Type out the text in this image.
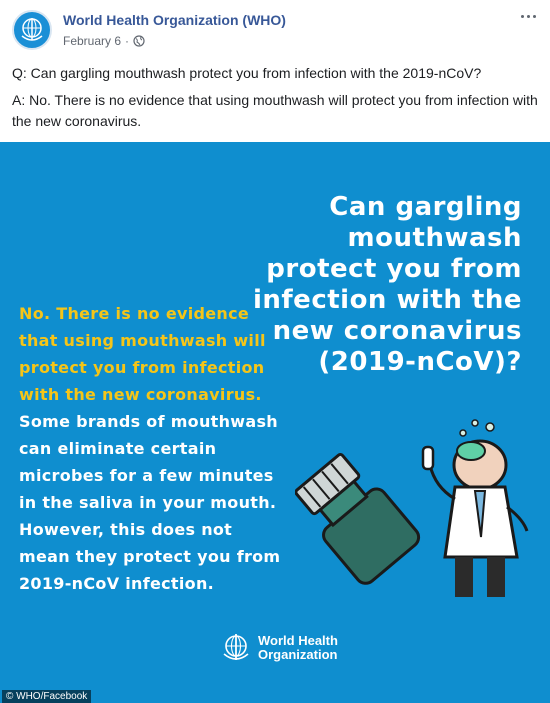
World Health Organization (WHO)
February 6 ·

Q: Can gargling mouthwash protect you from infection with the 2019-nCoV?

A: No. There is no evidence that using mouthwash will protect you from infection with the new coronavirus.

Can gargling
mouthwash
protect you from
infection with the
new coronavirus
(2019-nCoV)?
No. There is no evidence
that using mouthwash will
protect you from infection
with the new coronavirus.
Some brands of mouthwash
can eliminate certain
microbes for a few minutes
in the saliva in your mouth.
However, this does not
mean they protect you from
2019-nCoV infection.
World Health
Organization
© WHO/Facebook
